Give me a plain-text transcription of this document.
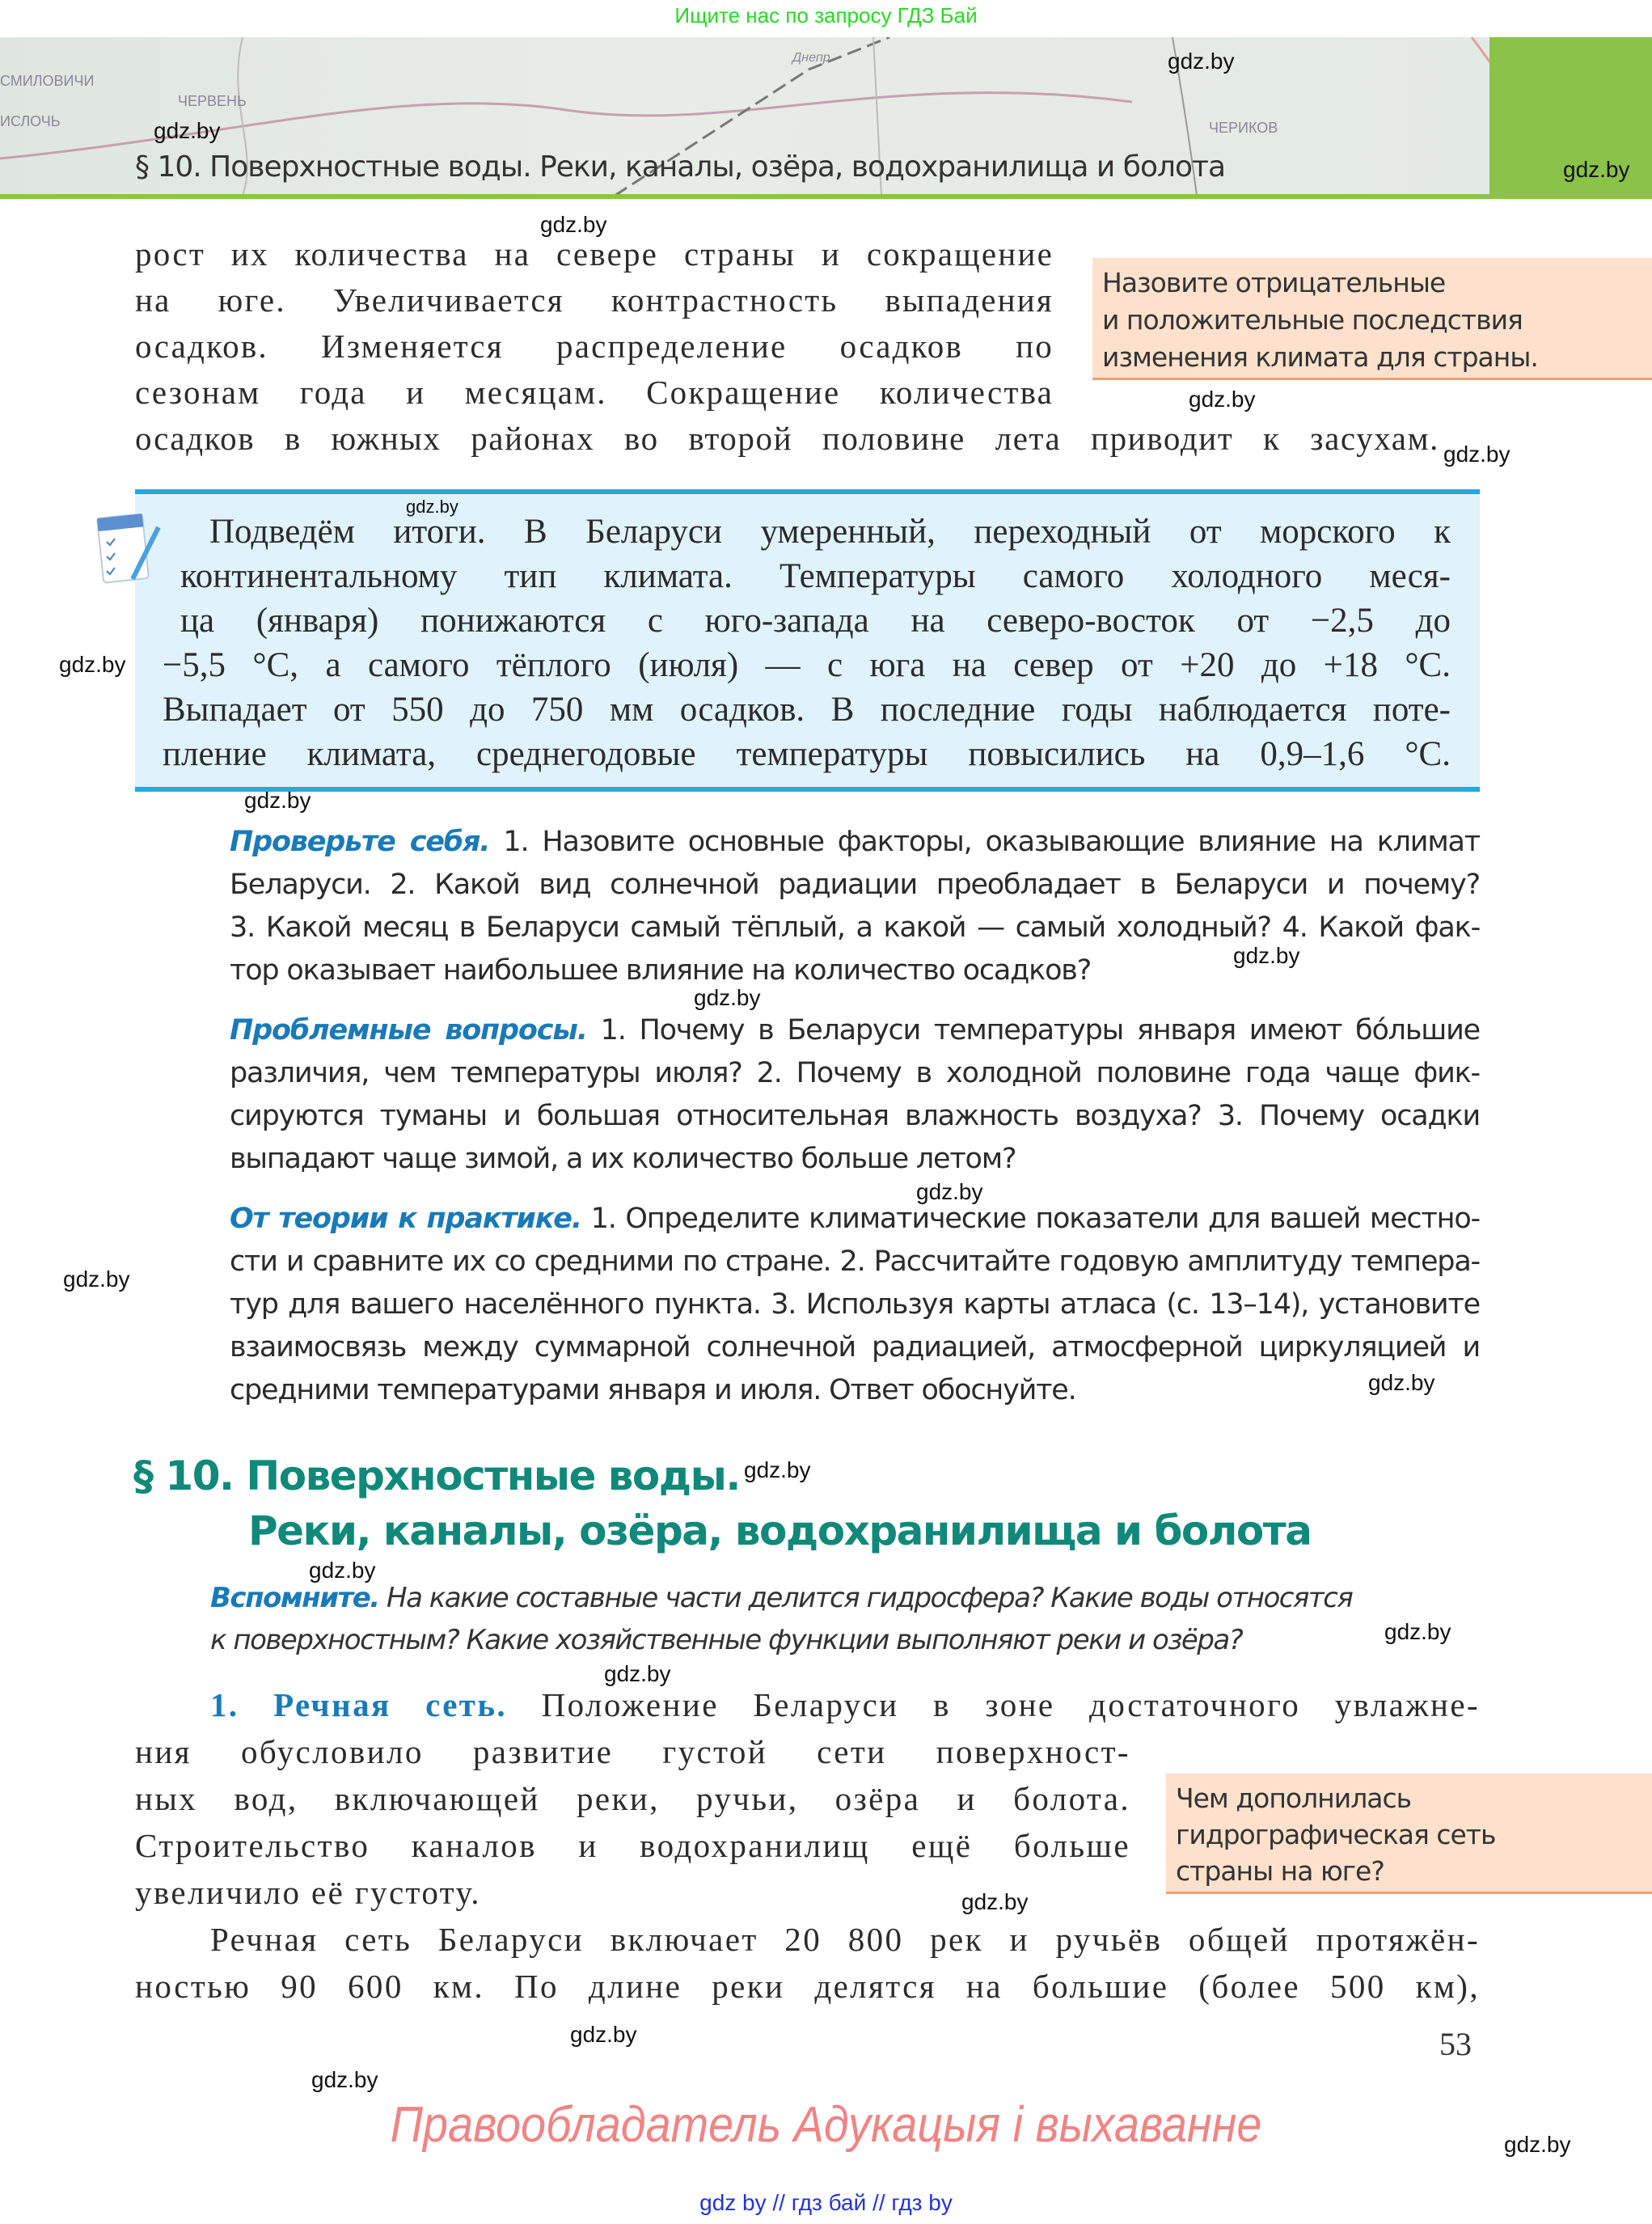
Ищите нас по запросу ГДЗ Бай
СМИЛОВИЧИ
ЧЕРВЕНЬ
ИСЛОЧЬ	ЧЕРИКОВ
Днепр
§ 10. Поверхностные воды. Реки, каналы, озёра, водохранилища и болота
рост их количества на севере страны и сокращение
на юге. Увеличивается контрастность выпадения
осадков. Изменяется распределение осадков по
сезонам года и месяцам. Сокращение количества
осадков в южных районах во второй половине лета приводит к засухам.
Назовите отрицательные
и положительные последствия
изменения климата для страны.
Подведём итоги. В Беларуси умеренный, переходный от морского к
континентальному тип климата. Температуры самого холодного меся-
ца (января) понижаются с юго-запада на северо-восток от −2,5 до
−5,5 °С, а самого тёплого (июля) — с юга на север от +20 до +18 °С.
Выпадает от 550 до 750 мм осадков. В последние годы наблюдается поте-
пление климата, среднегодовые температуры повысились на 0,9–1,6 °С.
Проверьте себя. 1. Назовите основные факторы, оказывающие влияние на климат
Беларуси. 2. Какой вид солнечной радиации преобладает в Беларуси и почему?
3. Какой месяц в Беларуси самый тёплый, а какой — самый холодный? 4. Какой фак-
тор оказывает наибольшее влияние на количество осадков?
Проблемные вопросы. 1. Почему в Беларуси температуры января имеют бóльшие
различия, чем температуры июля? 2. Почему в холодной половине года чаще фик-
сируются туманы и большая относительная влажность воздуха? 3. Почему осадки
выпадают чаще зимой, а их количество больше летом?
От теории к практике. 1. Определите климатические показатели для вашей местно-
сти и сравните их со средними по стране. 2. Рассчитайте годовую амплитуду темпера-
тур для вашего населённого пункта. 3. Используя карты атласа (с. 13–14), установите
взаимосвязь между суммарной солнечной радиацией, атмосферной циркуляцией и
средними температурами января и июля. Ответ обоснуйте.
§ 10. Поверхностные воды.
Реки, каналы, озёра, водохранилища и болота
Вспомните. На какие составные части делится гидросфера? Какие воды относятся
к поверхностным? Какие хозяйственные функции выполняют реки и озёра?
1. Речная сеть. Положение Беларуси в зоне достаточного увлажне-
ния обусловило развитие густой сети поверхност-
ных вод, включающей реки, ручьи, озёра и болота.
Строительство каналов и водохранилищ ещё больше
увеличило её густоту.
Речная сеть Беларуси включает 20 800 рек и ручьёв общей протяжён-
ностью 90 600 км. По длине реки делятся на большие (более 500 км),
Чем дополнилась
гидрографическая сеть
страны на юге?
53
Правообладатель Адукацыя і выхаванне
gdz by // гдз бай // гдз by
gdz.by
gdz.by
gdz.by
gdz.by
gdz.by
gdz.by
gdz.by
gdz.by
gdz.by
gdz.by
gdz.by
gdz.by
gdz.by
gdz.by
gdz.by
gdz.by
gdz.by
gdz.by
gdz.by
gdz.by
gdz.by
gdz.by
